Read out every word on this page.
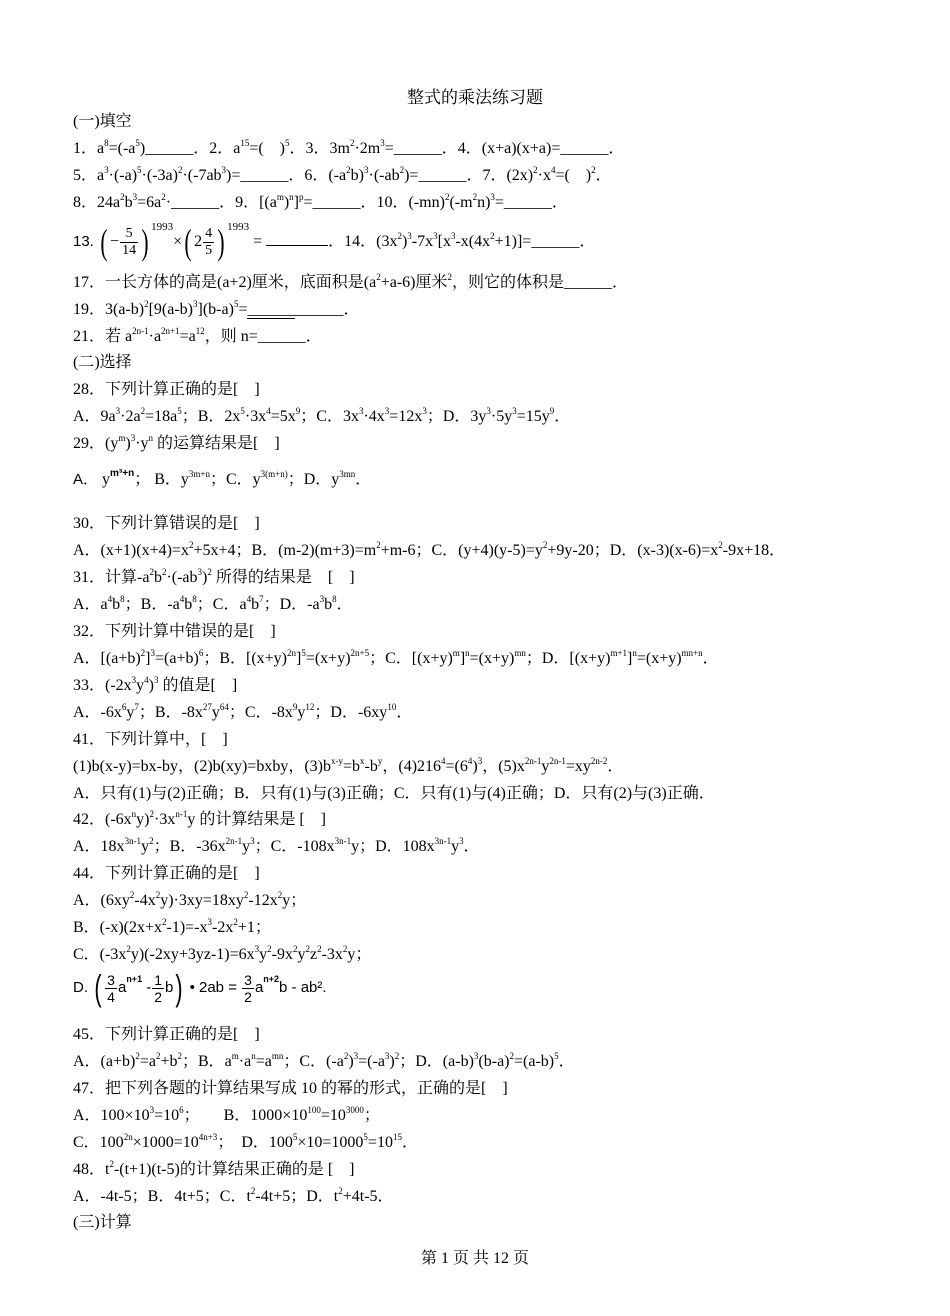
整式的乘法练习题
(一)填空
1．$a^8=(-a^5)\_\_\_\_\_\_$．2．$a^{15}=$(　)$^5$．3．$3m^2\cdot 2m^3=\_\_\_\_\_\_$．4．(x+a)(x+a)=______．
5．$a^3\cdot(-a)^5\cdot(-3a)^2\cdot(-7ab^3)=\_\_\_\_\_\_$．6．$(-a^2b)^3\cdot(-ab^2)=\_\_\_\_\_\_$．7．$(2x)^2\cdot x^4=$(　)$^2$．
8．$24a^2b^3=6a^2\cdot\_\_\_\_\_\_$．9．$[(a^m)^n]^p=\_\_\_\_\_\_$．10．$(-mn)^2(-m^2n)^3=\_\_\_\_\_\_$．
13. ( − $\frac{5}{14}$ ) $^{1993}$×( $2 \frac{4}{5}$ ) $^{1993}$ =	．14．$(3x^2)^3-7x^3[x^3-x(4x^2+1)]=\_\_\_\_\_\_$．
17．一长方体的高是(a+2)厘米，底面积是$(a^2+a-6)$厘米$^2$，则它的体积是______．
19．$3(a-b)^2[9(a-b)^3](b-a)^5=\_\_\_\_\_\_\_\_\_\_\_\_$．
21．若 $a^{2n-1}\cdot a^{2n+1}=a^{12}$，则 n=______．
(二)选择
28．下列计算正确的是[　]
A．$9a^3\cdot 2a^2=18a^5$；B．$2x^5\cdot 3x^4=5x^9$；C．$3x^3\cdot 4x^3=12x^3$；D．$3y^3\cdot 5y^3=15y^9$．
29．$(y^m)^3\cdot y^n$ 的运算结果是[　]
A． $y^{m^3+n}$； B．$y^{3m+n}$；C．$y^{3(m+n)}$；D．$y^{3mn}$．
30．下列计算错误的是[　]
A．$(x+1)(x+4)=x^2+5x+4$；B．$(m-2)(m+3)=m^2+m-6$；C．$(y+4)(y-5)=y^2+9y-20$；D．$(x-3)(x-6)=x^2-9x+18$．
31．计算$-a^2b^2\cdot(-ab^3)^2$ 所得的结果是　[　]
A．$a^4b^8$；B．$-a^4b^8$；C．$a^4b^7$；D．$-a^3b^8$．
32．下列计算中错误的是[　]
A．$[(a+b)^2]^3=(a+b)^6$；B．$[(x+y)^{2n}]^5=(x+y)^{2n+5}$；C．$[(x+y)^m]^n=(x+y)^{mn}$；D．$[(x+y)^{m+1}]^n=(x+y)^{mn+n}$．
33．$(-2x^3y^4)^3$ 的值是[　]
A．$-6x^6y^7$；B．$-8x^{27}y^{64}$；C．$-8x^9y^{12}$；D．$-6xy^{10}$．
41．下列计算中，[　]
(1)b(x-y)=bx-by，(2)b(xy)=bxby，$(3)b^{x-y}=b^x-b^y$，$(4)216^4=(6^4)^3$，$(5)x^{2n-1}y^{2n-1}=xy^{2n-2}$．
A．只有(1)与(2)正确；B．只有(1)与(3)正确；C．只有(1)与(4)正确；D．只有(2)与(3)正确．
42．$(-6x^ny)^2\cdot 3x^{n-1}y$ 的计算结果是 [　]
A．$18x^{3n-1}y^2$；B．$-36x^{2n-1}y^3$；C．$-108x^{3n-1}y$；D．$108x^{3n-1}y^3$．
44．下列计算正确的是[　]
A．$(6xy^2-4x^2y)\cdot 3xy=18xy^2-12x^2y$；
B．$(-x)(2x+x^2-1)=-x^3-2x^2+1$；
C．$(-3x^2y)(-2xy+3yz-1)=6x^3y^2-9x^2y^2z^2-3x^2y$；
D. ( $\frac{3}{4} a^{n+1} - \frac{1}{2} b$) • $2ab = \frac{3}{2} a^{n+2}b - ab^2$.
45．下列计算正确的是[　]
A．$(a+b)^2=a^2+b^2$；B．$a^m\cdot a^n=a^{mn}$；C．$(-a^2)^3=(-a^3)^2$；D．$(a-b)^3(b-a)^2=(a-b)^5$．
47．把下列各题的计算结果写成 10 的幂的形式，正确的是[　]
A．$100\times 10^3=10^6$；　　B．$1000\times 10^{100}=10^{3000}$；
C．$100^{2n}\times 1000=10^{4n+3}$；　D．$100^5\times 10=1000^5=10^{15}$．
48．$t^2-(t+1)(t-5)$的计算结果正确的是 [　]
A．-4t-5；B．4t+5；C．$t^2-4t+5$；D．$t^2+4t-5$．
(三)计算
第 1 页 共 12 页
